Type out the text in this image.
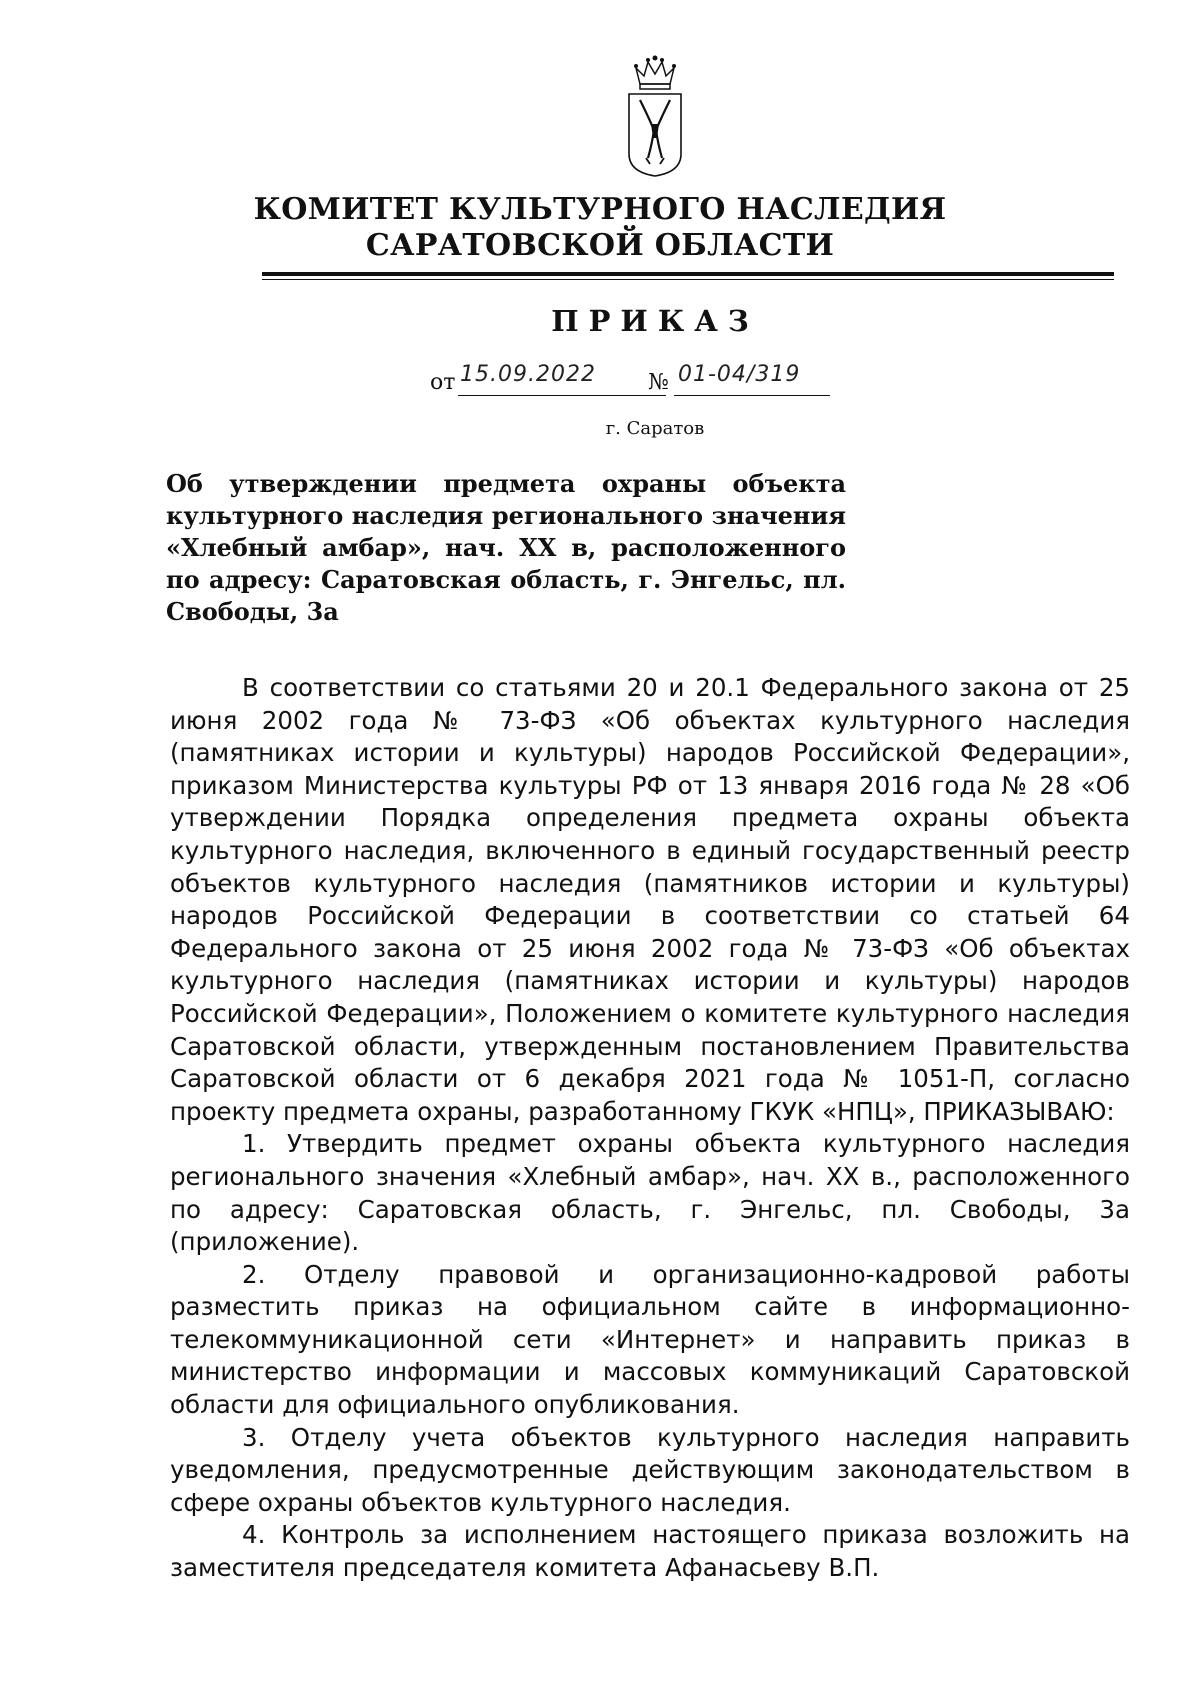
КОМИТЕТ КУЛЬТУРНОГО НАСЛЕДИЯ
САРАТОВСКОЙ ОБЛАСТИ
ПРИКАЗ
от 15.09.2022 № 01-04/319
г. Саратов
Об утверждении предмета охраны объекта культурного наследия регионального значения «Хлебный амбар», нач. XX в, расположенного по адресу: Саратовская область, г. Энгельс, пл. Свободы, 3а

В соответствии со статьями 20 и 20.1 Федерального закона от 25 июня 2002 года № 73-ФЗ «Об объектах культурного наследия (памятниках истории и культуры) народов Российской Федерации», приказом Министерства культуры РФ от 13 января 2016 года № 28 «Об утверждении Порядка определения предмета охраны объекта культурного наследия, включенного в единый государственный реестр объектов культурного наследия (памятников истории и культуры) народов Российской Федерации в соответствии со статьей 64 Федерального закона от 25 июня 2002 года № 73-ФЗ «Об объектах культурного наследия (памятниках истории и культуры) народов Российской Федерации», Положением о комитете культурного наследия Саратовской области, утвержденным постановлением Правительства Саратовской области от 6 декабря 2021 года № 1051-П, согласно проекту предмета охраны, разработанному ГКУК «НПЦ», ПРИКАЗЫВАЮ:

1. Утвердить предмет охраны объекта культурного наследия регионального значения «Хлебный амбар», нач. XX в., расположенного по адресу: Саратовская область, г. Энгельс, пл. Свободы, 3а (приложение).

2. Отделу правовой и организационно-кадровой работы разместить приказ на официальном сайте в информационно-телекоммуникационной сети «Интернет» и направить приказ в министерство информации и массовых коммуникаций Саратовской области для официального опубликования.

3. Отделу учета объектов культурного наследия направить уведомления, предусмотренные действующим законодательством в сфере охраны объектов культурного наследия.

4. Контроль за исполнением настоящего приказа возложить на заместителя председателя комитета Афанасьеву В.П.
